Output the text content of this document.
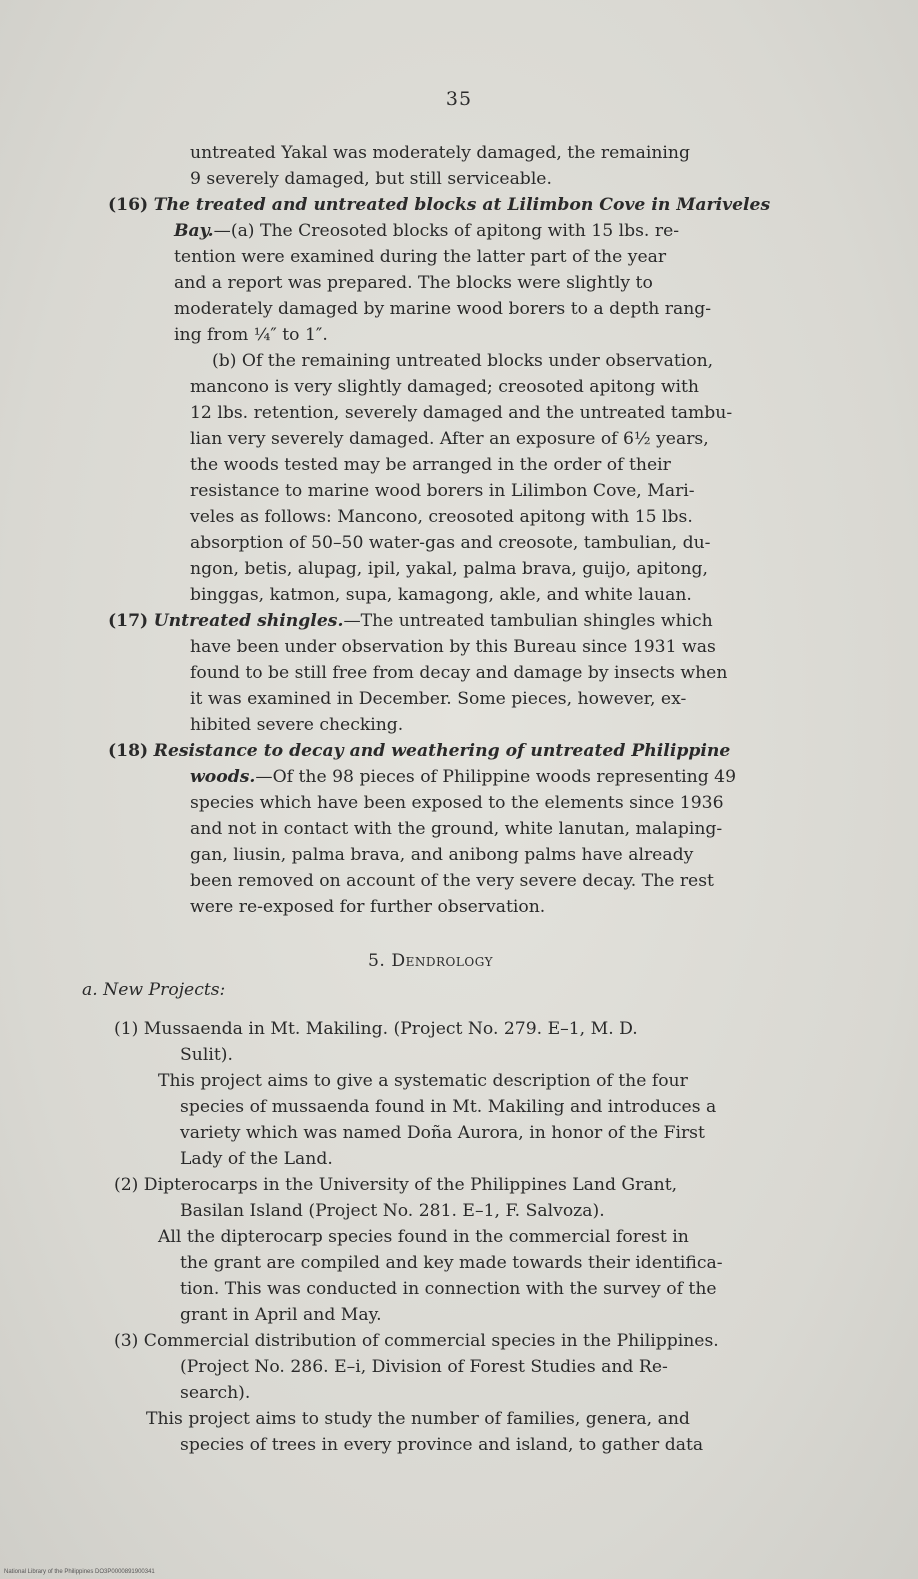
35
untreated Yakal was moderately damaged, the remaining
9 severely damaged, but still serviceable.
(16) The treated and untreated blocks at Lilimbon Cove in Mariveles
Bay.—(a) The Creosoted blocks of apitong with 15 lbs. re-
tention were examined during the latter part of the year
and a report was prepared. The blocks were slightly to
moderately damaged by marine wood borers to a depth rang-
ing from ¼″ to 1″.
(b) Of the remaining untreated blocks under observation,
mancono is very slightly damaged; creosoted apitong with
12 lbs. retention, severely damaged and the untreated tambu-
lian very severely damaged. After an exposure of 6½ years,
the woods tested may be arranged in the order of their
resistance to marine wood borers in Lilimbon Cove, Mari-
veles as follows: Mancono, creosoted apitong with 15 lbs.
absorption of 50–50 water-gas and creosote, tambulian, du-
ngon, betis, alupag, ipil, yakal, palma brava, guijo, apitong,
binggas, katmon, supa, kamagong, akle, and white lauan.
(17) Untreated shingles.—The untreated tambulian shingles which
have been under observation by this Bureau since 1931 was
found to be still free from decay and damage by insects when
it was examined in December. Some pieces, however, ex-
hibited severe checking.
(18) Resistance to decay and weathering of untreated Philippine
woods.—Of the 98 pieces of Philippine woods representing 49
species which have been exposed to the elements since 1936
and not in contact with the ground, white lanutan, malaping-
gan, liusin, palma brava, and anibong palms have already
been removed on account of the very severe decay. The rest
were re-exposed for further observation.
5. Dendrology
a. New Projects:
(1) Mussaenda in Mt. Makiling. (Project No. 279. E–1, M. D.
Sulit).
This project aims to give a systematic description of the four
species of mussaenda found in Mt. Makiling and introduces a
variety which was named Doña Aurora, in honor of the First
Lady of the Land.
(2) Dipterocarps in the University of the Philippines Land Grant,
Basilan Island (Project No. 281. E–1, F. Salvoza).
All the dipterocarp species found in the commercial forest in
the grant are compiled and key made towards their identifica-
tion. This was conducted in connection with the survey of the
grant in April and May.
(3) Commercial distribution of commercial species in the Philippines.
(Project No. 286. E–i, Division of Forest Studies and Re-
search).
This project aims to study the number of families, genera, and
species of trees in every province and island, to gather data
National Library of the Philippines DO3P0000891900341
